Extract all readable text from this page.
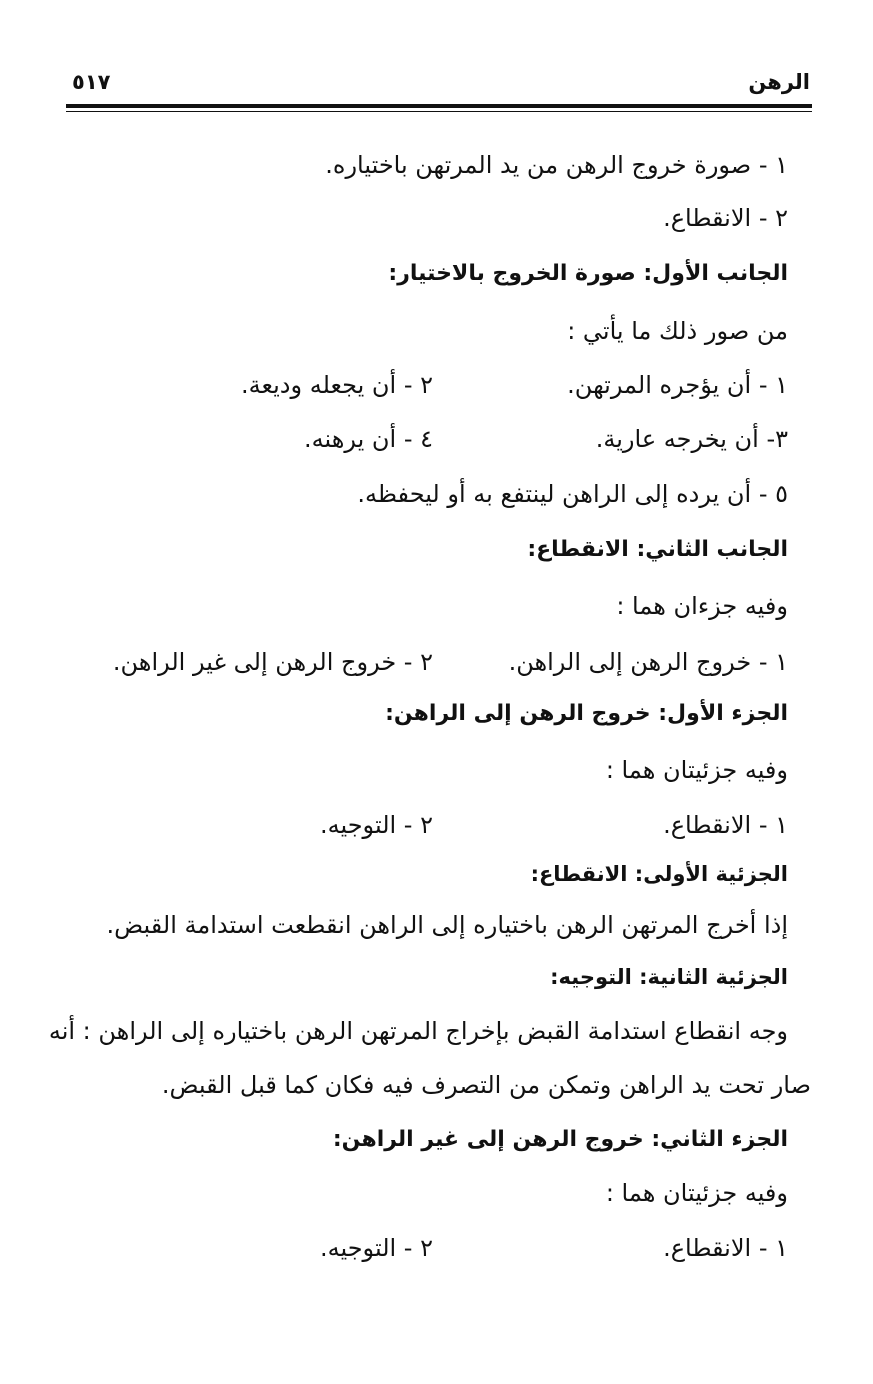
الرهن
٥١٧
١ - صورة خروج الرهن من يد المرتهن باختياره.
٢ - الانقطاع.
الجانب الأول: صورة الخروج بالاختيار:
من صور ذلك ما يأتي :
١ - أن يؤجره المرتهن.
٢ - أن يجعله وديعة.
٣- أن يخرجه عارية.
٤ - أن يرهنه.
٥ - أن يرده إلى الراهن لينتفع به أو ليحفظه.
الجانب الثاني: الانقطاع:
وفيه جزءان هما :
١ - خروج الرهن إلى الراهن.
٢ - خروج الرهن إلى غير الراهن.
الجزء الأول: خروج الرهن إلى الراهن:
وفيه جزئيتان هما :
١ - الانقطاع.
٢ - التوجيه.
الجزئية الأولى: الانقطاع:
إذا أخرج المرتهن الرهن باختياره إلى الراهن انقطعت استدامة القبض.
الجزئية الثانية: التوجيه:
وجه انقطاع استدامة القبض بإخراج المرتهن الرهن باختياره إلى الراهن : أنه
صار تحت يد الراهن وتمكن من التصرف فيه فكان كما قبل القبض.
الجزء الثاني: خروج الرهن إلى غير الراهن:
وفيه جزئيتان هما :
١ - الانقطاع.
٢ - التوجيه.
